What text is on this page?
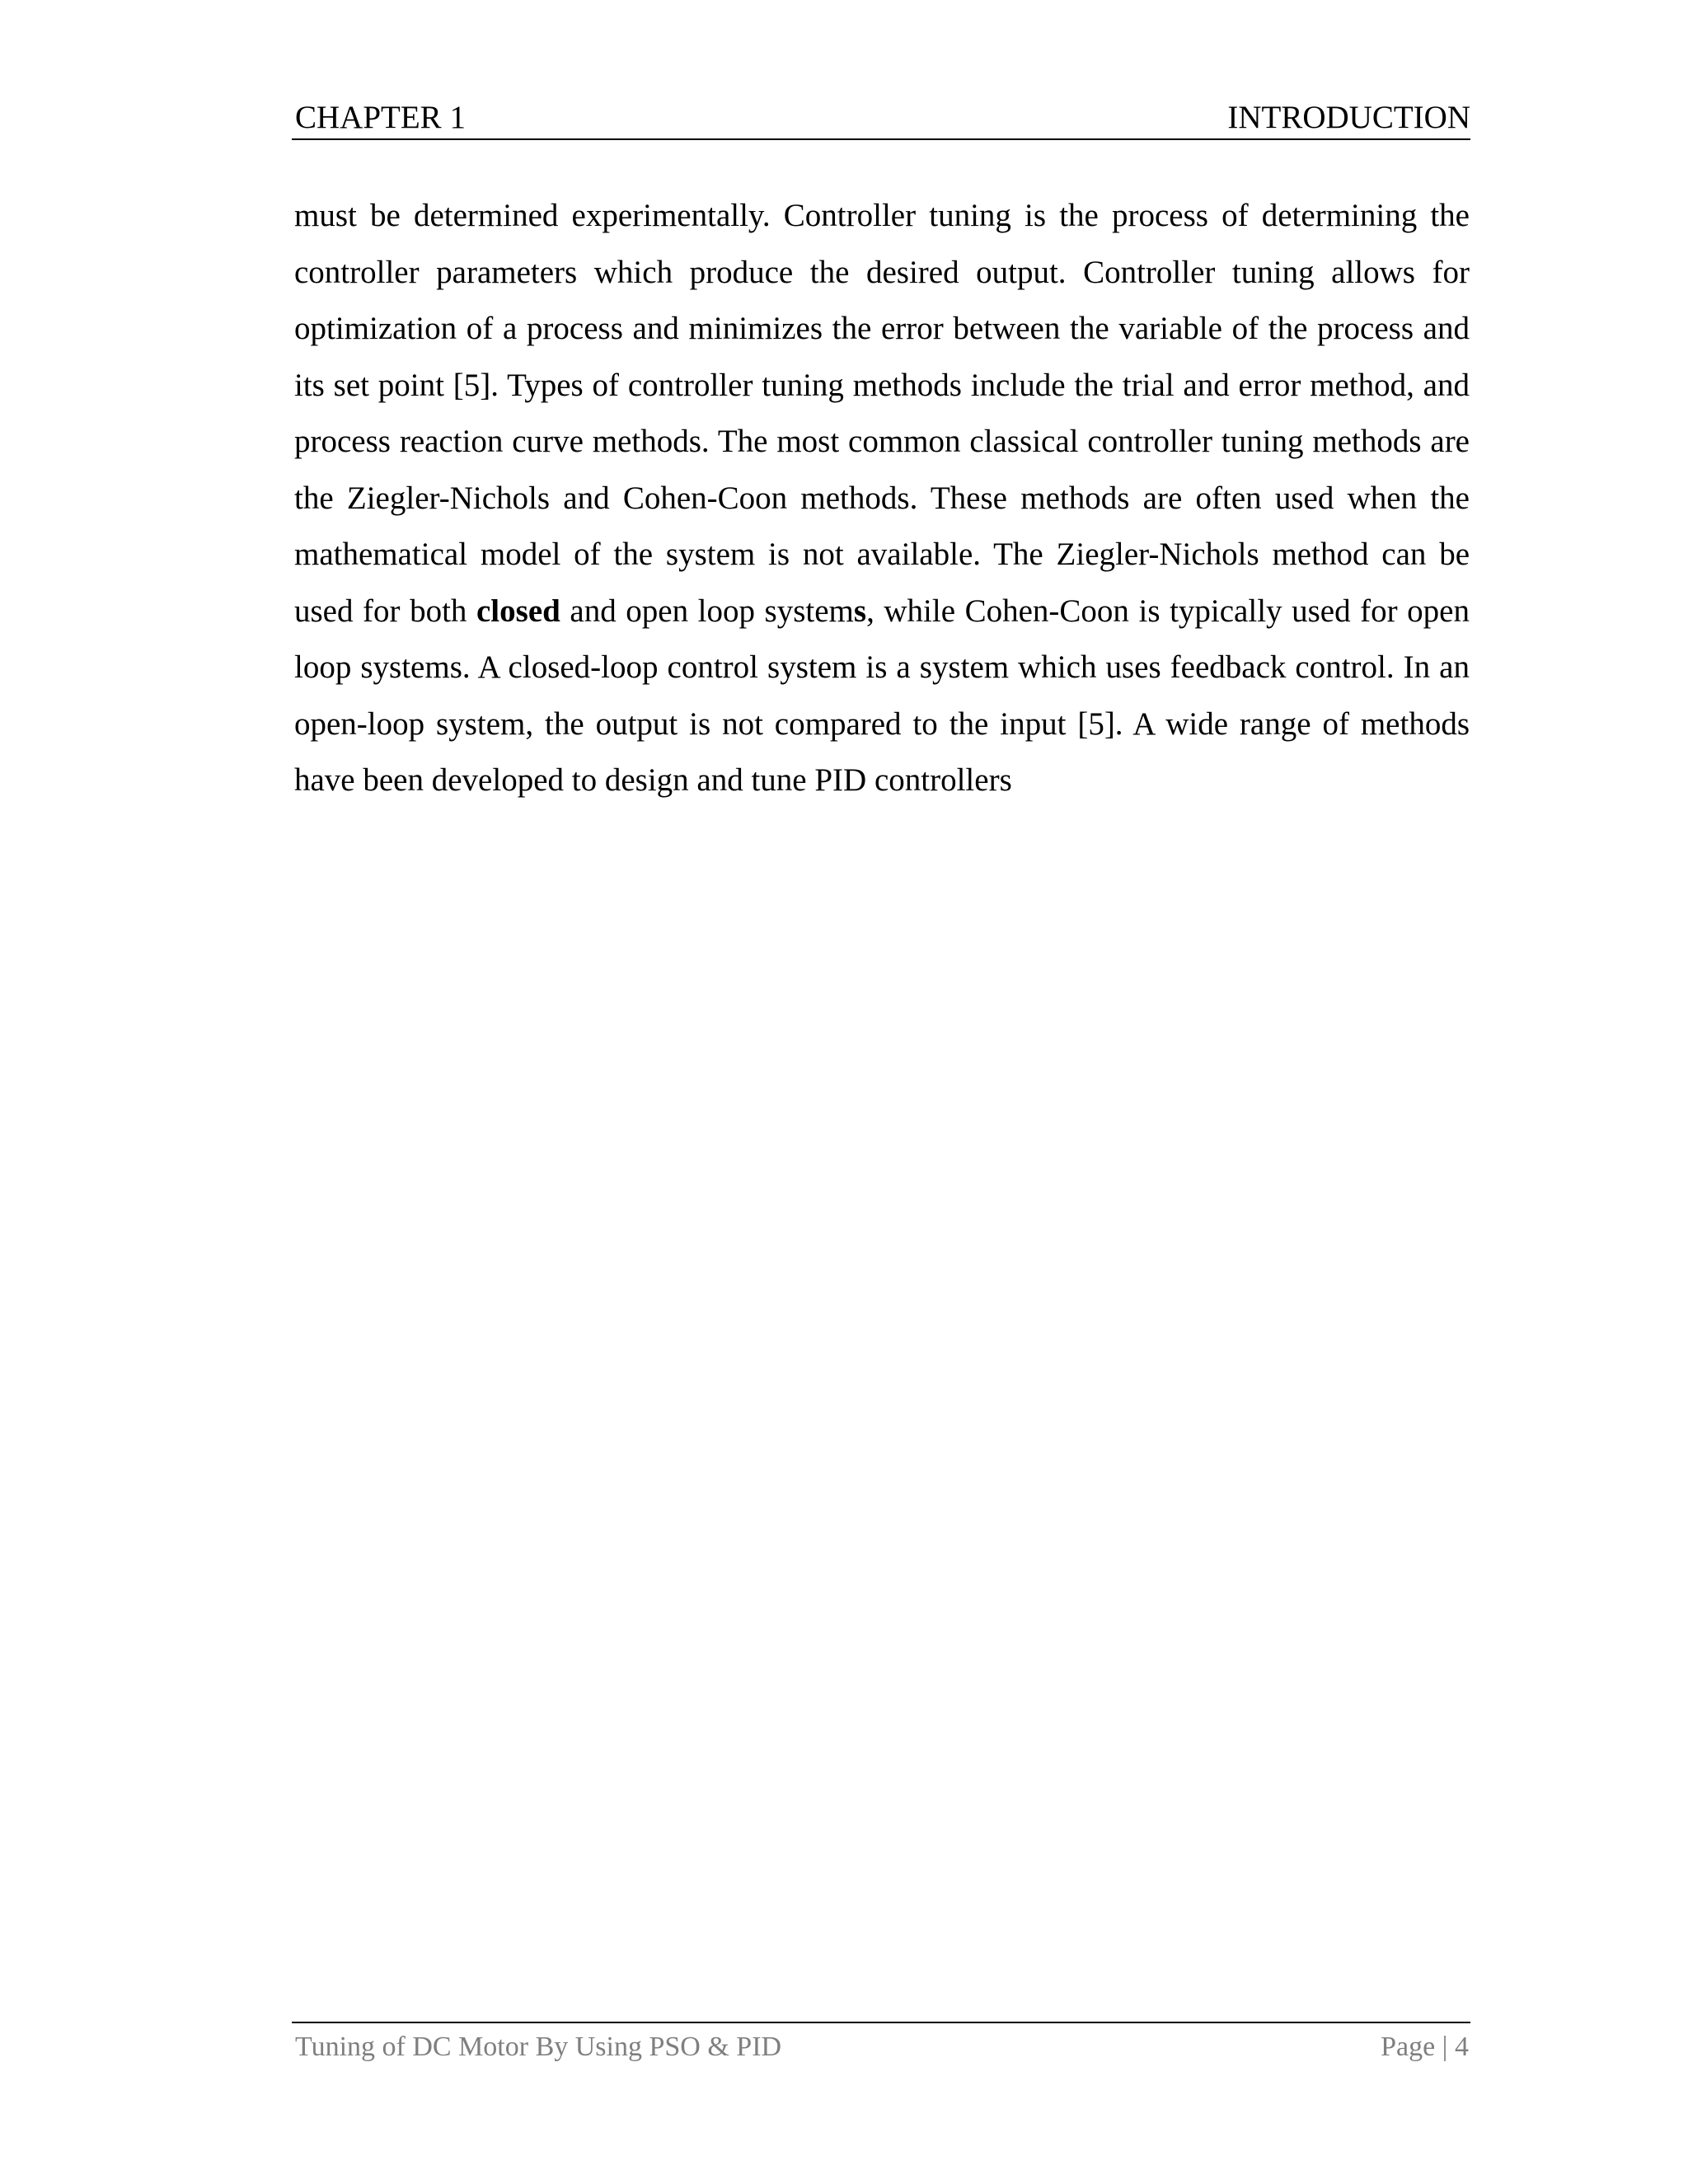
CHAPTER 1	INTRODUCTION
must be determined experimentally. Controller tuning is the process of determining the
controller parameters which produce the desired output. Controller tuning allows for
optimization of a process and minimizes the error between the variable of the process and
its set point [5]. Types of controller tuning methods include the trial and error method, and
process reaction curve methods. The most common classical controller tuning methods are
the Ziegler-Nichols and Cohen-Coon methods. These methods are often used when the
mathematical model of the system is not available. The Ziegler-Nichols method can be
used for both closed and open loop systems, while Cohen-Coon is typically used for open
loop systems. A closed-loop control system is a system which uses feedback control. In an
open-loop system, the output is not compared to the input [5]. A wide range of methods
have been developed to design and tune PID controllers
Tuning of DC Motor By Using PSO & PID	Page | 4
